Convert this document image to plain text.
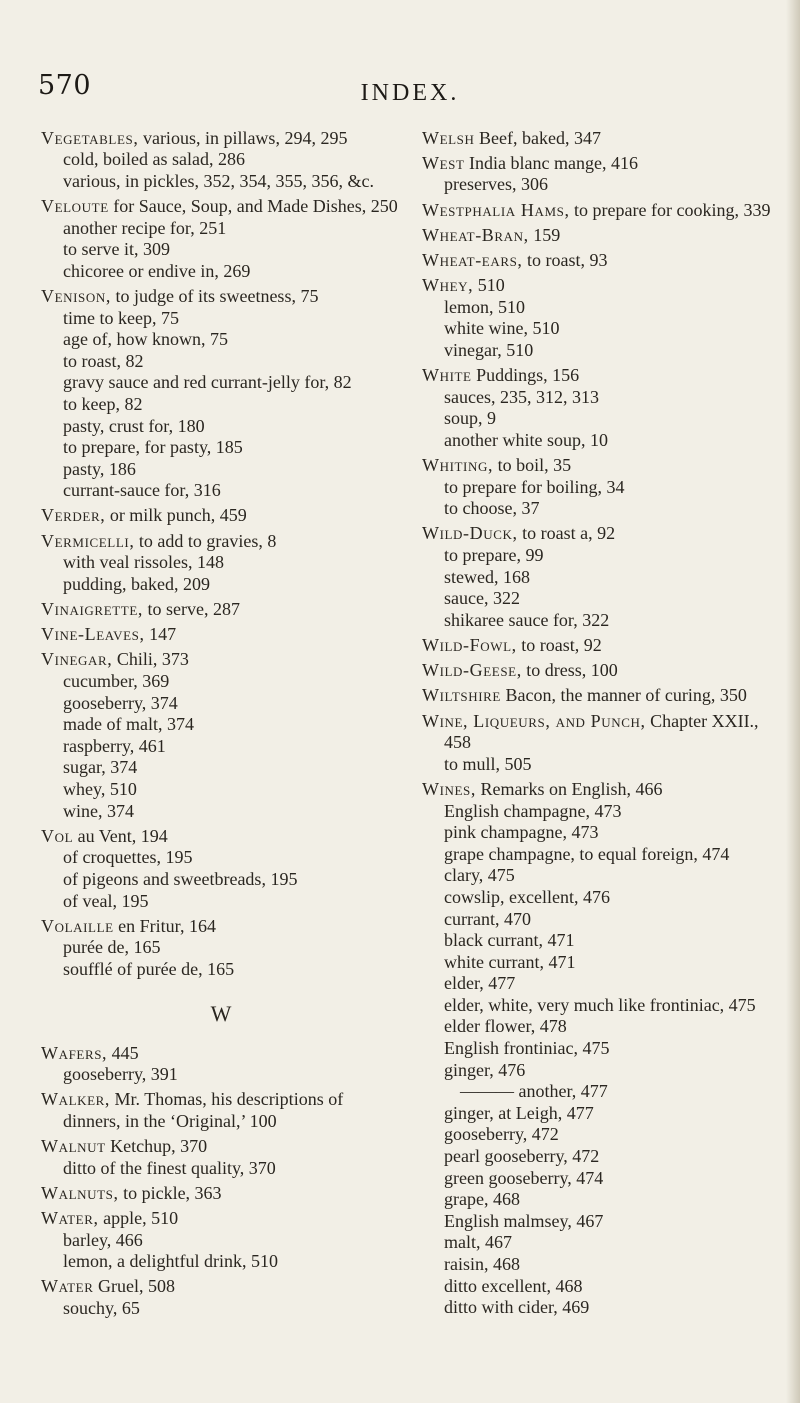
570	INDEX.
Vegetables, various, in pillaws, 294, 295
cold, boiled as salad, 286
various, in pickles, 352, 354, 355, 356, &c.
Veloute for Sauce, Soup, and Made Dishes, 250
another recipe for, 251
to serve it, 309
chicoree or endive in, 269
Venison, to judge of its sweetness, 75
time to keep, 75
age of, how known, 75
to roast, 82
gravy sauce and red currant-jelly for, 82
to keep, 82
pasty, crust for, 180
to prepare, for pasty, 185
pasty, 186
currant-sauce for, 316
Verder, or milk punch, 459
Vermicelli, to add to gravies, 8
with veal rissoles, 148
pudding, baked, 209
Vinaigrette, to serve, 287
Vine-Leaves, 147
Vinegar, Chili, 373
cucumber, 369
gooseberry, 374
made of malt, 374
raspberry, 461
sugar, 374
whey, 510
wine, 374
Vol au Vent, 194
of croquettes, 195
of pigeons and sweetbreads, 195
of veal, 195
Volaille en Fritur, 164
purée de, 165
soufflé of purée de, 165
W
Wafers, 445
gooseberry, 391
Walker, Mr. Thomas, his descriptions of dinners, in the ‘Original,’ 100
Walnut Ketchup, 370
ditto of the finest quality, 370
Walnuts, to pickle, 363
Water, apple, 510
barley, 466
lemon, a delightful drink, 510
Water Gruel, 508
souchy, 65
Welsh Beef, baked, 347
West India blanc mange, 416
preserves, 306
Westphalia Hams, to prepare for cooking, 339
Wheat-Bran, 159
Wheat-ears, to roast, 93
Whey, 510
lemon, 510
white wine, 510
vinegar, 510
White Puddings, 156
sauces, 235, 312, 313
soup, 9
another white soup, 10
Whiting, to boil, 35
to prepare for boiling, 34
to choose, 37
Wild-Duck, to roast a, 92
to prepare, 99
stewed, 168
sauce, 322
shikaree sauce for, 322
Wild-Fowl, to roast, 92
Wild-Geese, to dress, 100
Wiltshire Bacon, the manner of curing, 350
Wine, Liqueurs, and Punch, Chapter XXII., 458
to mull, 505
Wines, Remarks on English, 466
English champagne, 473
pink champagne, 473
grape champagne, to equal foreign, 474
clary, 475
cowslip, excellent, 476
currant, 470
black currant, 471
white currant, 471
elder, 477
elder, white, very much like frontiniac, 475
elder flower, 478
English frontiniac, 475
ginger, 476
——— another, 477
ginger, at Leigh, 477
gooseberry, 472
pearl gooseberry, 472
green gooseberry, 474
grape, 468
English malmsey, 467
malt, 467
raisin, 468
ditto excellent, 468
ditto with cider, 469
